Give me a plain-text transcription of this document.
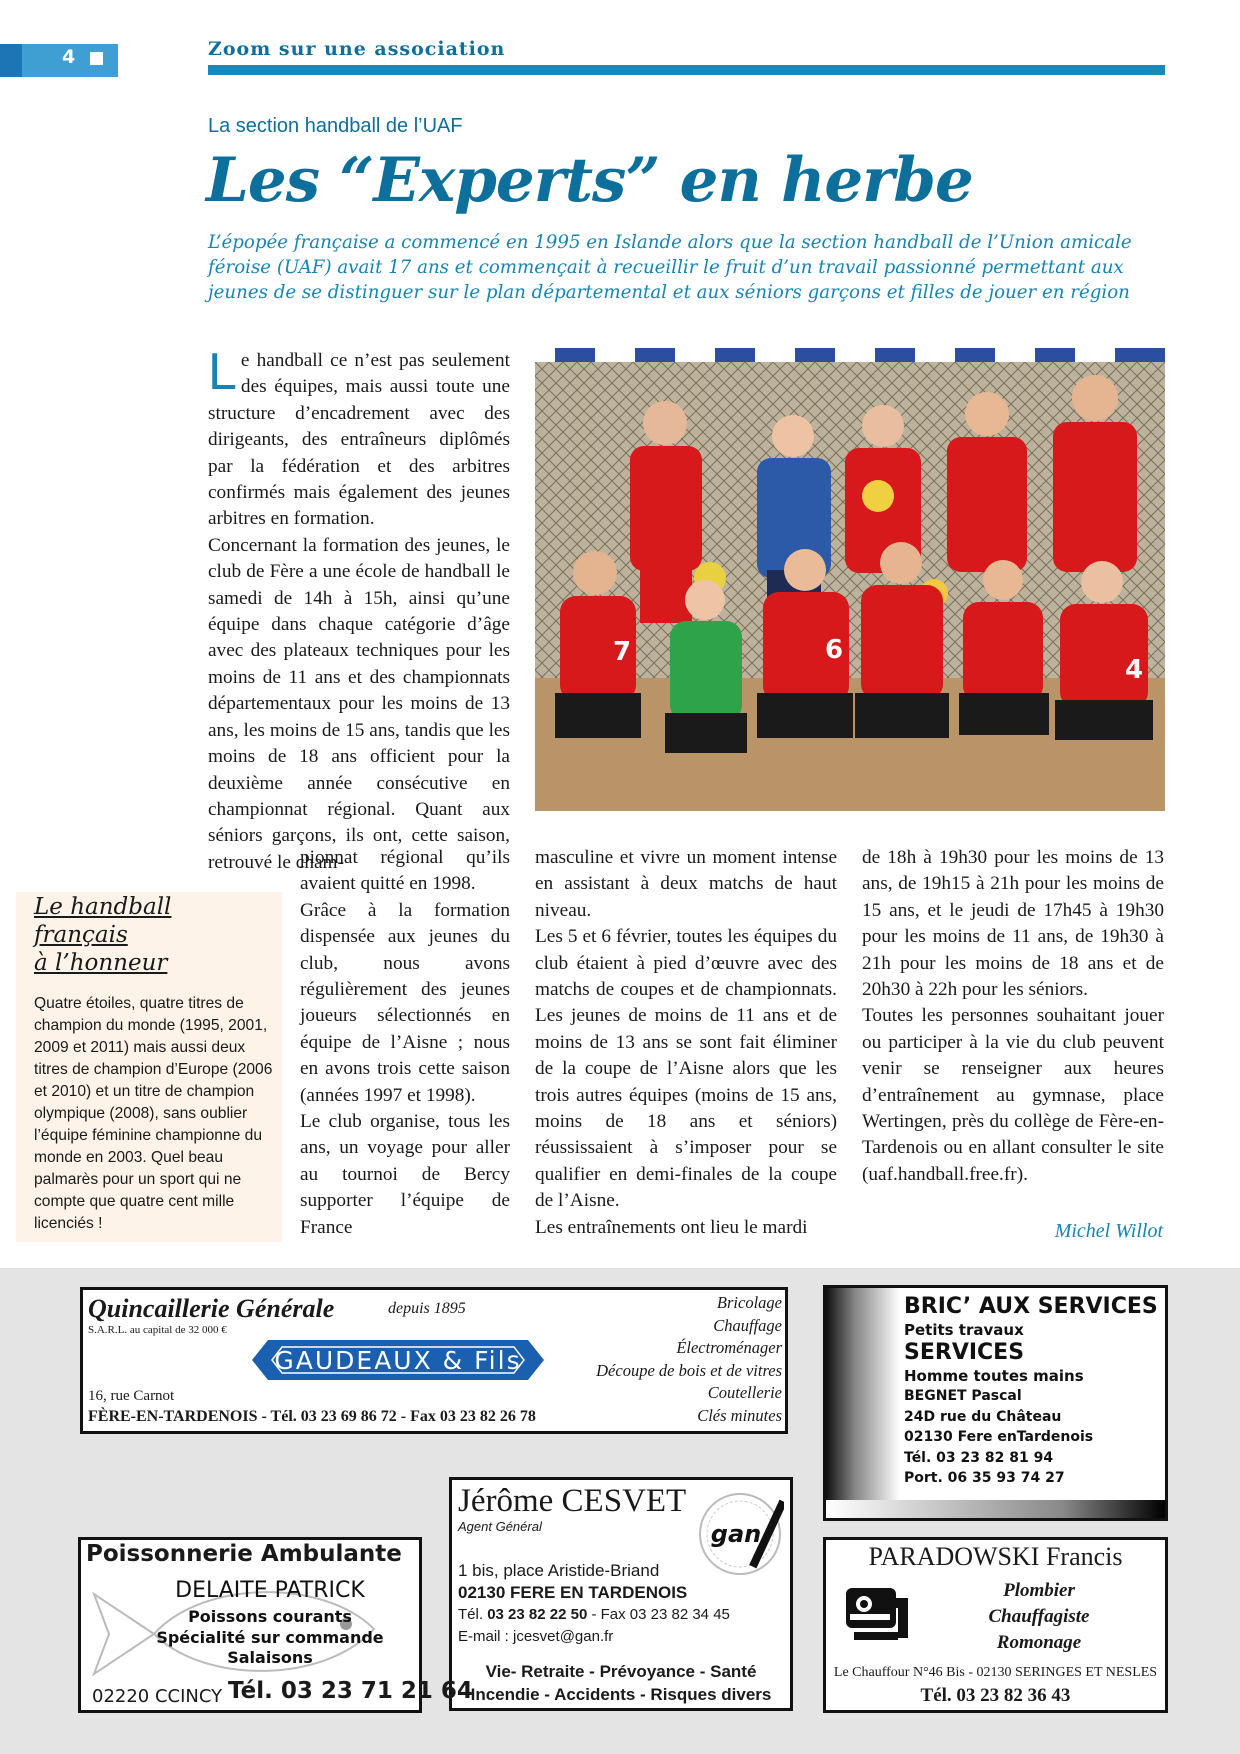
4	Zoom sur une association
La section handball de l’UAF
Les “Experts” en herbe
L’épopée française a commencé en 1995 en Islande alors que la section handball de l’Union amicale féroise (UAF) avait 17 ans et commençait à recueillir le fruit d’un travail passionné permettant aux jeunes de se distinguer sur le plan départemental et aux séniors garçons et filles de jouer en région

Le handball ce n’est pas seulement des équipes, mais aussi toute une structure d’encadrement avec des dirigeants, des entraîneurs diplômés par la fédération et des arbitres confirmés mais également des jeunes arbitres en formation.

Concernant la formation des jeunes, le club de Fère a une école de handball le samedi de 14h à 15h, ainsi qu’une équipe dans chaque catégorie d’âge avec des plateaux techniques pour les moins de 11 ans et des championnats départementaux pour les moins de 13 ans, les moins de 15 ans, tandis que les moins de 18 ans officient pour la deuxième année consécutive en championnat régional. Quant aux séniors garçons, ils ont, cette saison, retrouvé le cham-

pionnat régional qu’ils avaient quitté en 1998.

Grâce à la formation dispensée aux jeunes du club, nous avons régulièrement des jeunes joueurs sélectionnés en équipe de l’Aisne ; nous en avons trois cette saison (années 1997 et 1998).

Le club organise, tous les ans, un voyage pour aller au tournoi de Bercy supporter l’équipe de France

7	6
4

masculine et vivre un moment intense en assistant à deux matchs de haut niveau.

Les 5 et 6 février, toutes les équipes du club étaient à pied d’œuvre avec des matchs de coupes et de championnats. Les jeunes de moins de 11 ans et de moins de 13 ans se sont fait éliminer de la coupe de l’Aisne alors que les trois autres équipes (moins de 15 ans, moins de 18 ans et séniors) réussissaient à s’imposer pour se qualifier en demi-finales de la coupe de l’Aisne.

Les entraînements ont lieu le mardi

de 18h à 19h30 pour les moins de 13 ans, de 19h15 à 21h pour les moins de 15 ans, et le jeudi de 17h45 à 19h30 pour les moins de 11 ans, de 19h30 à 21h pour les moins de 18 ans et de 20h30 à 22h pour les séniors.

Toutes les personnes souhaitant jouer ou participer à la vie du club peuvent venir se renseigner aux heures d’entraînement au gymnase, place Wertingen, près du collège de Fère-en-Tardenois ou en allant consulter le site (uaf.handball.free.fr).

Michel Willot
Le handball
français
à l’honneur
Quatre étoiles, quatre titres de champion du monde (1995, 2001, 2009 et 2011) mais aussi deux titres de champion d’Europe (2006 et 2010) et un titre de champion olympique (2008), sans oublier l’équipe féminine championne du monde en 2003. Quel beau palmarès pour un sport qui ne compte que quatre cent mille licenciés !
Quincaillerie Générale	depuis 1895
S.A.R.L. au capital de 32 000 €
GAUDEAUX & Fils
16, rue Carnot
FÈRE-EN-TARDENOIS - Tél. 03 23 69 86 72 - Fax 03 23 82 26 78
Bricolage
Chauffage
Électroménager
Découpe de bois et de vitres
Coutellerie
Clés minutes
BRIC’ AUX SERVICES
Petits travaux
SERVICES
Homme toutes mains
BEGNET Pascal
24D rue du Château
02130 Fere enTardenois
Tél. 03 23 82 81 94
Port. 06 35 93 74 27
Jérôme CESVET
Agent Général	gan
1 bis, place Aristide-Briand
02130 FERE EN TARDENOIS
Tél. 03 23 82 22 50 - Fax 03 23 82 34 45
E-mail : jcesvet@gan.fr
Vie- Retraite - Prévoyance - Santé
Incendie - Accidents - Risques divers
Poissonnerie Ambulante
DELAITE PATRICK
Poissons courants
Spécialité sur commande
Salaisons
02220 CCINCY Tél. 03 23 71 21 64
PARADOWSKI Francis
Plombier
Chauffagiste
Romonage
Le Chauffour N°46 Bis - 02130 SERINGES ET NESLES
Tél. 03 23 82 36 43
